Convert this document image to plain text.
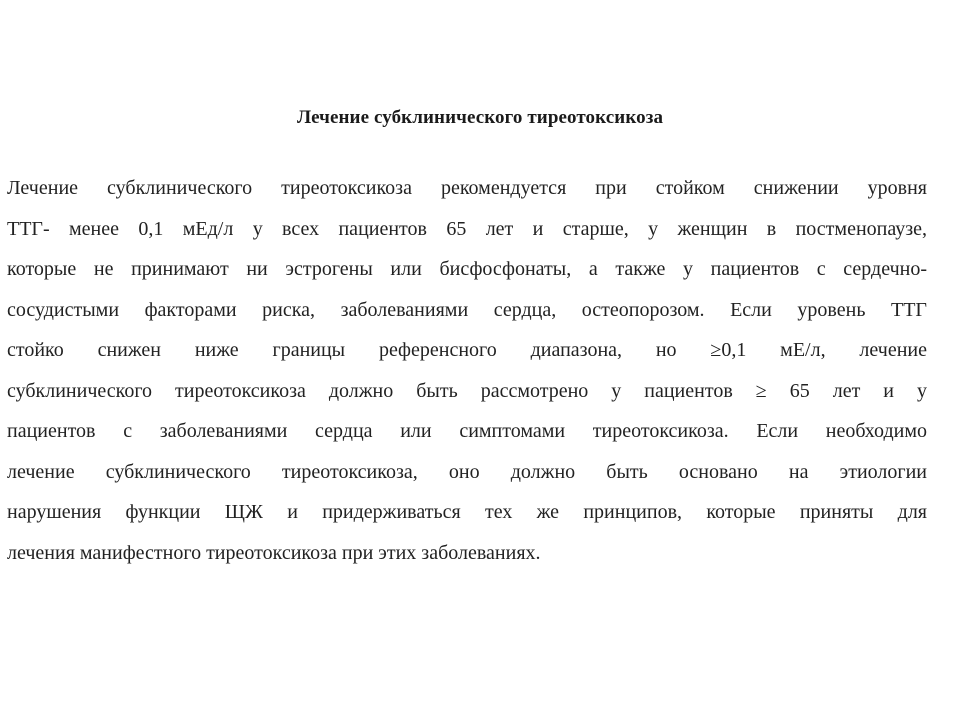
Лечение субклинического тиреотоксикоза
Лечение субклинического тиреотоксикоза рекомендуется при стойком снижении уровня
ТТГ- менее 0,1 мЕд/л у всех пациентов 65 лет и старше, у женщин в постменопаузе,
которые не принимают ни эстрогены или бисфосфонаты, а также у пациентов с сердечно-
сосудистыми факторами риска, заболеваниями сердца, остеопорозом. Если уровень ТТГ
стойко снижен ниже границы референсного диапазона, но ≥0,1 мЕ/л, лечение
субклинического тиреотоксикоза должно быть рассмотрено у пациентов ≥ 65 лет и у
пациентов с заболеваниями сердца или симптомами тиреотоксикоза. Если необходимо
лечение субклинического тиреотоксикоза, оно должно быть основано на этиологии
нарушения функции ЩЖ и придерживаться тех же принципов, которые приняты для
лечения манифестного тиреотоксикоза при этих заболеваниях.
